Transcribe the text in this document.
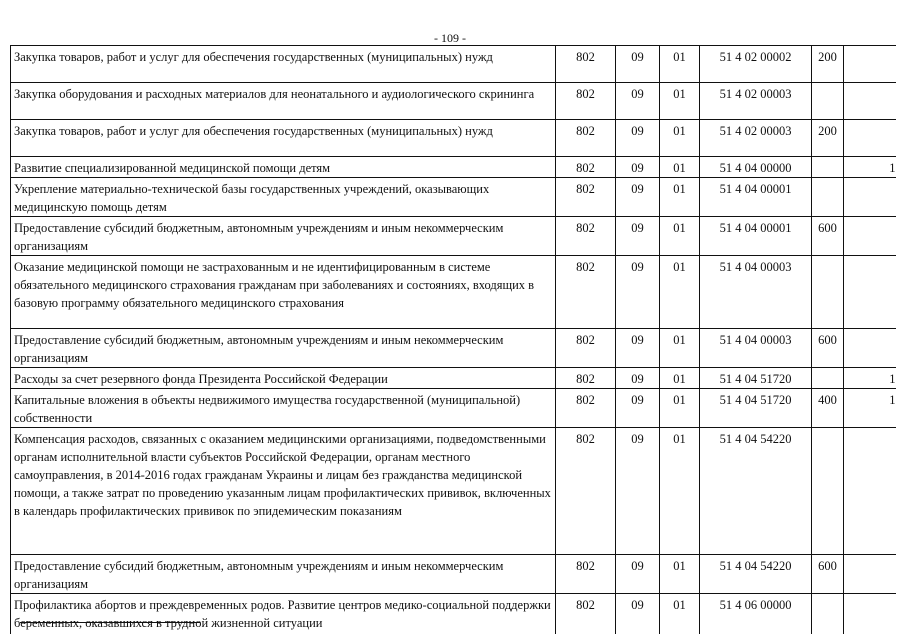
- 109 -
Закупка товаров, работ и услуг для обеспечения государственных (муниципальных) нужд	802	09	01	51 4 02 00002	200	
Закупка оборудования и расходных материалов для неонатального и аудиологического скрининга	802	09	01	51 4 02 00003		
Закупка товаров, работ и услуг для обеспечения государственных (муниципальных) нужд	802	09	01	51 4 02 00003	200	
Развитие специализированной медицинской помощи детям	802	09	01	51 4 04 00000		1
Укрепление материально-технической базы государственных учреждений, оказывающих медицинскую помощь детям	802	09	01	51 4 04 00001		
Предоставление субсидий бюджетным, автономным учреждениям и иным некоммерческим организациям	802	09	01	51 4 04 00001	600	
Оказание медицинской помощи не застрахованным и не идентифицированным в системе обязательного медицинского страхования гражданам при заболеваниях и состояниях, входящих в базовую программу обязательного медицинского страхования	802	09	01	51 4 04 00003		
Предоставление субсидий бюджетным, автономным учреждениям и иным некоммерческим организациям	802	09	01	51 4 04 00003	600	
Расходы за счет резервного фонда Президента Российской Федерации	802	09	01	51 4 04 51720		1
Капитальные вложения в объекты недвижимого имущества государственной (муниципальной) собственности	802	09	01	51 4 04 51720	400	1
Компенсация расходов, связанных с оказанием медицинскими организациями, подведомственными органам исполнительной власти субъектов Российской Федерации, органам местного самоуправления, в 2014-2016 годах гражданам Украины и лицам без гражданства медицинской помощи, а также затрат по проведению указанным лицам профилактических прививок, включенных в календарь профилактических прививок по эпидемическим показаниям	802	09	01	51 4 04 54220		
Предоставление субсидий бюджетным, автономным учреждениям и иным некоммерческим организациям	802	09	01	51 4 04 54220	600	
Профилактика абортов и преждевременных родов. Развитие центров медико-социальной поддержки беременных, оказавшихся в трудной жизненной ситуации	802	09	01	51 4 06 00000		
